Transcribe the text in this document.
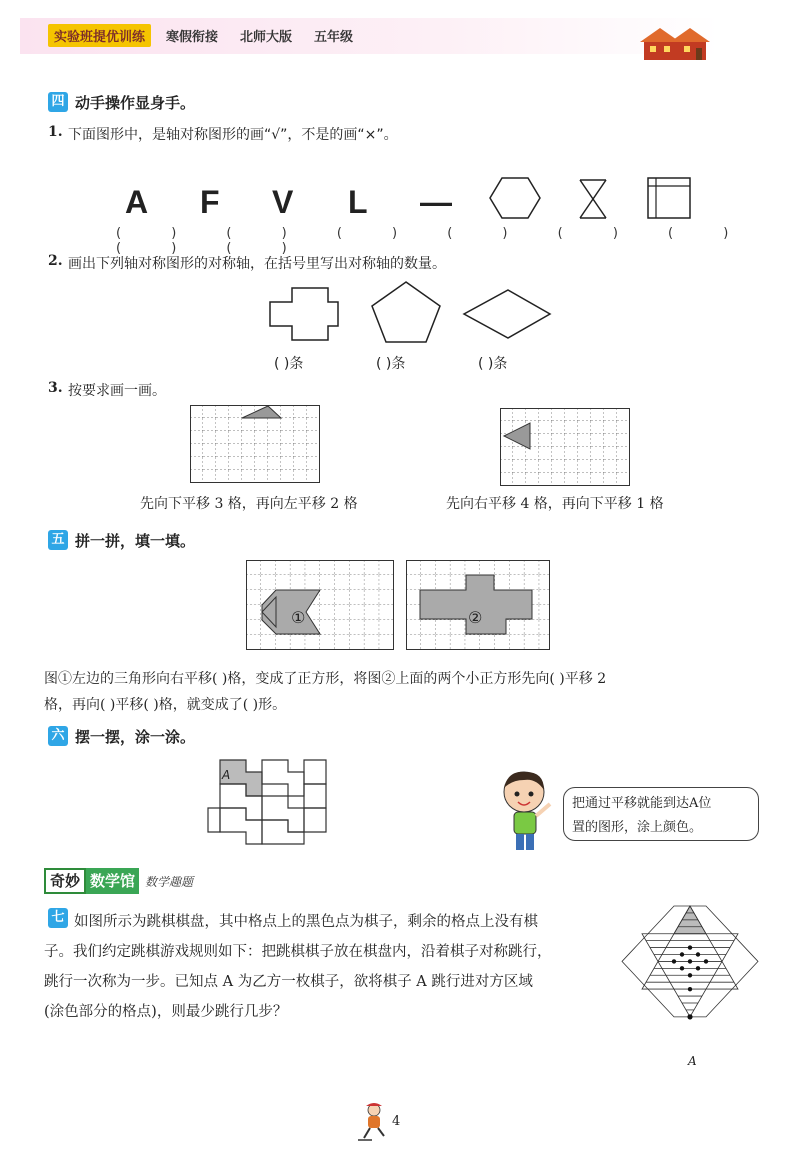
实验班提优训练	寒假衔接 北师大版 五年级
四 动手操作显身手。
1. 下面图形中，是轴对称图形的画“√”，不是的画“×”。
A F V L —
( ) ( ) ( ) ( ) ( ) ( ) ( ) ( )
2. 画出下列轴对称图形的对称轴，在括号里写出对称轴的数量。
( )条	( )条	( )条
3. 按要求画一画。
先向下平移 3 格，再向左平移 2 格	先向右平移 4 格，再向下平移 1 格
五 拼一拼，填一填。
①	②
图①左边的三角形向右平移( )格，变成了正方形，将图②上面的两个小正方形先向( )平移 2
格，再向( )平移( )格，就变成了( )形。
六 摆一摆，涂一涂。
A
把通过平移就能到达A位
置的图形，涂上颜色。
奇妙 数学馆 数学趣题
七 如图所示为跳棋棋盘，其中格点上的黑色点为棋子，剩余的格点上没有棋
子。我们约定跳棋游戏规则如下：把跳棋棋子放在棋盘内，沿着棋子对称跳行，
跳行一次称为一步。已知点 A 为乙方一枚棋子，欲将棋子 A 跳行进对方区域
(涂色部分的格点)，则最少跳行几步？
A
4
